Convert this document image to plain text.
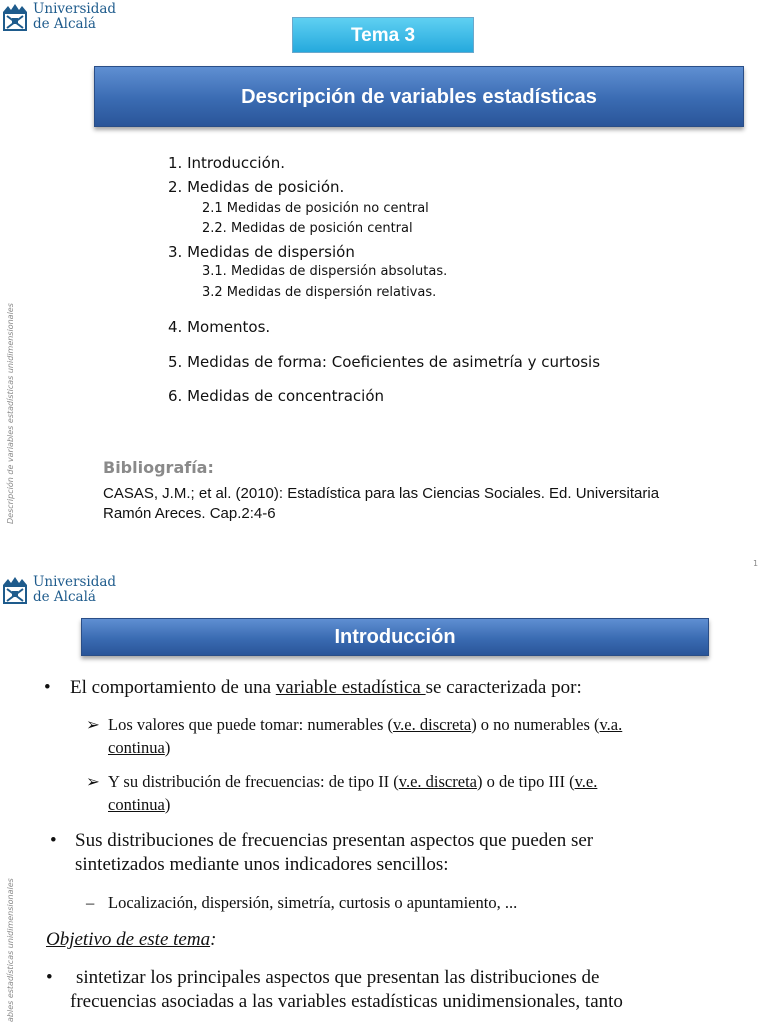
Universidad
de Alcalá
Descripción de variables estadísticas unidimensionales
Tema 3
Descripción de variables estadísticas
1. Introducción.
2. Medidas de posición.
2.1 Medidas de posición no central
2.2. Medidas de posición central
3. Medidas de dispersión
3.1. Medidas de dispersión absolutas.
3.2 Medidas de dispersión relativas.
4. Momentos.
5. Medidas de forma: Coeficientes de asimetría y curtosis
6. Medidas de concentración
Bibliografía:
CASAS, J.M.; et al. (2010): Estadística para las Ciencias Sociales. Ed. Universitaria Ramón Areces. Cap.2:4-6
1
Universidad
de Alcalá
ables estadísticas unidimensionales
Introducción
• El comportamiento de una variable estadística se caracterizada por:
➢ Los valores que puede tomar: numerables (v.e. discreta) o no numerables (v.a.
continua)
➢ Y su distribución de frecuencias: de tipo II (v.e. discreta) o de tipo III (v.e.
continua)
• Sus distribuciones de frecuencias presentan aspectos que pueden ser
sintetizados mediante unos indicadores sencillos:
– Localización, dispersión, simetría, curtosis o apuntamiento, ...
Objetivo de este tema:
•	sintetizar los principales aspectos que presentan las distribuciones de
frecuencias asociadas a las variables estadísticas unidimensionales, tanto
